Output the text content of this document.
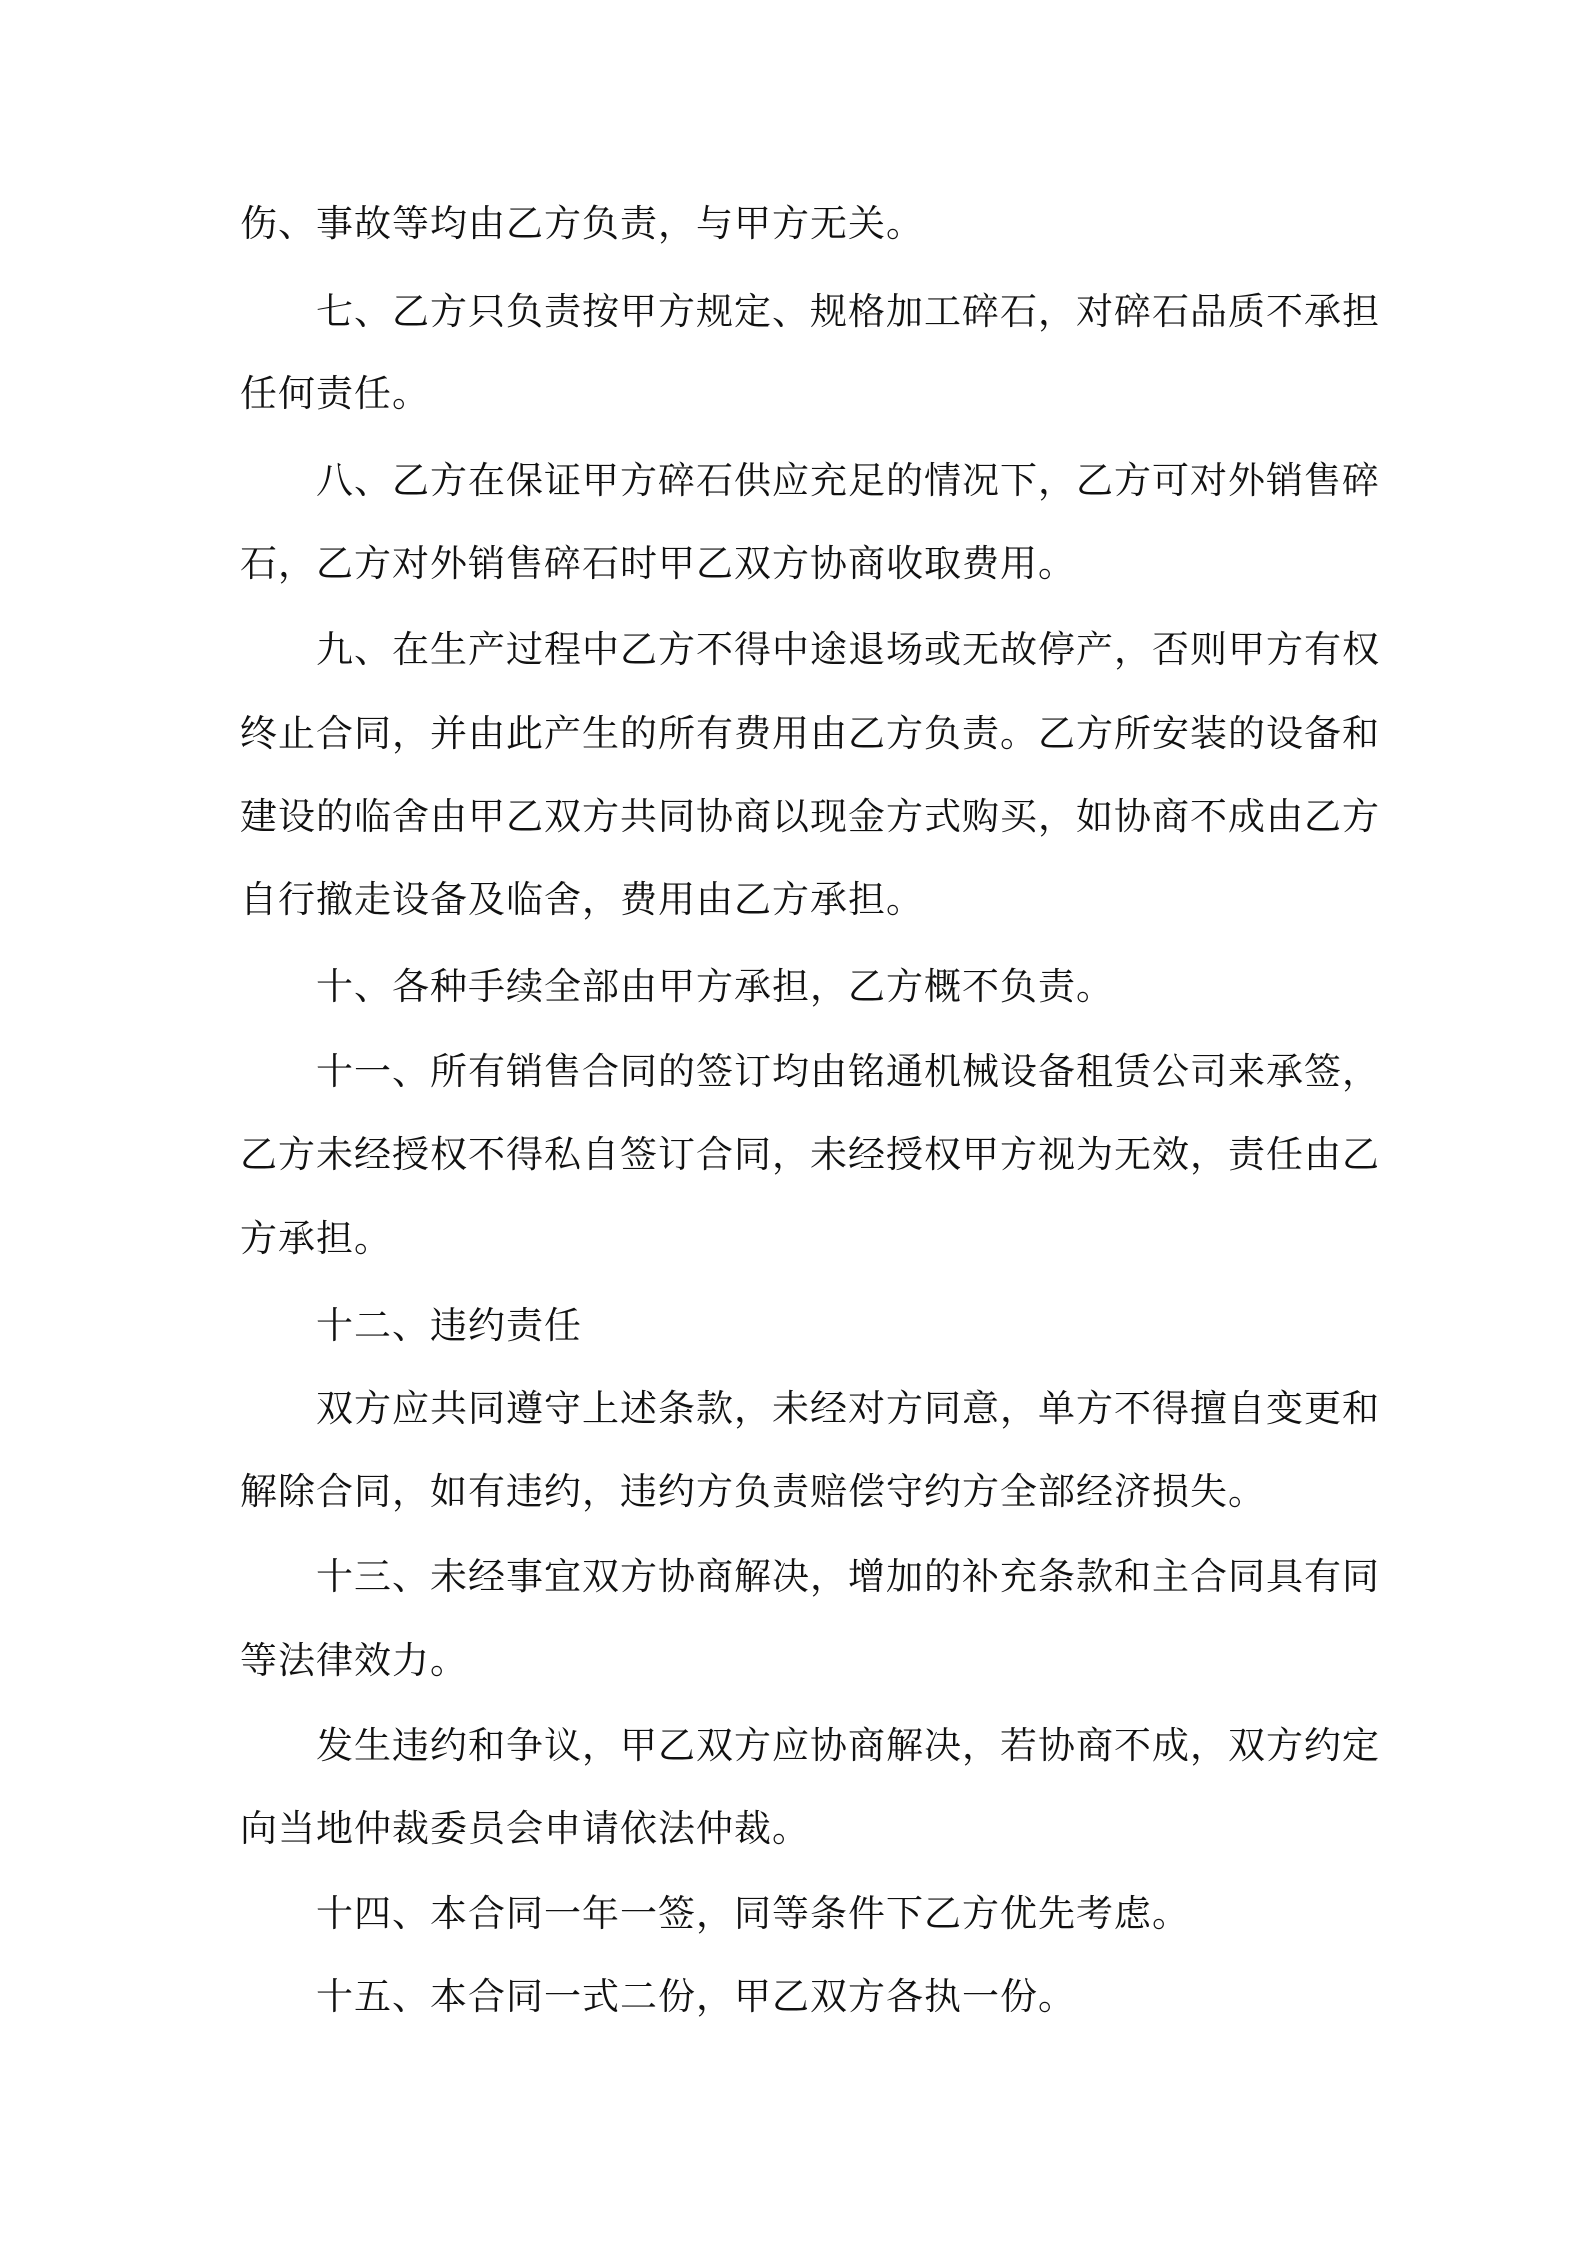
伤、事故等均由乙方负责，与甲方无关。
七、乙方只负责按甲方规定、规格加工碎石，对碎石品质不承担
任何责任。
八、乙方在保证甲方碎石供应充足的情况下，乙方可对外销售碎
石，乙方对外销售碎石时甲乙双方协商收取费用。
九、在生产过程中乙方不得中途退场或无故停产，否则甲方有权
终止合同，并由此产生的所有费用由乙方负责。乙方所安装的设备和
建设的临舍由甲乙双方共同协商以现金方式购买，如协商不成由乙方
自行撤走设备及临舍，费用由乙方承担。
十、各种手续全部由甲方承担，乙方概不负责。
十一、所有销售合同的签订均由铭通机械设备租赁公司来承签，
乙方未经授权不得私自签订合同，未经授权甲方视为无效，责任由乙
方承担。
十二、违约责任
双方应共同遵守上述条款，未经对方同意，单方不得擅自变更和
解除合同，如有违约，违约方负责赔偿守约方全部经济损失。
十三、未经事宜双方协商解决，增加的补充条款和主合同具有同
等法律效力。
发生违约和争议，甲乙双方应协商解决，若协商不成，双方约定
向当地仲裁委员会申请依法仲裁。
十四、本合同一年一签，同等条件下乙方优先考虑。
十五、本合同一式二份，甲乙双方各执一份。
